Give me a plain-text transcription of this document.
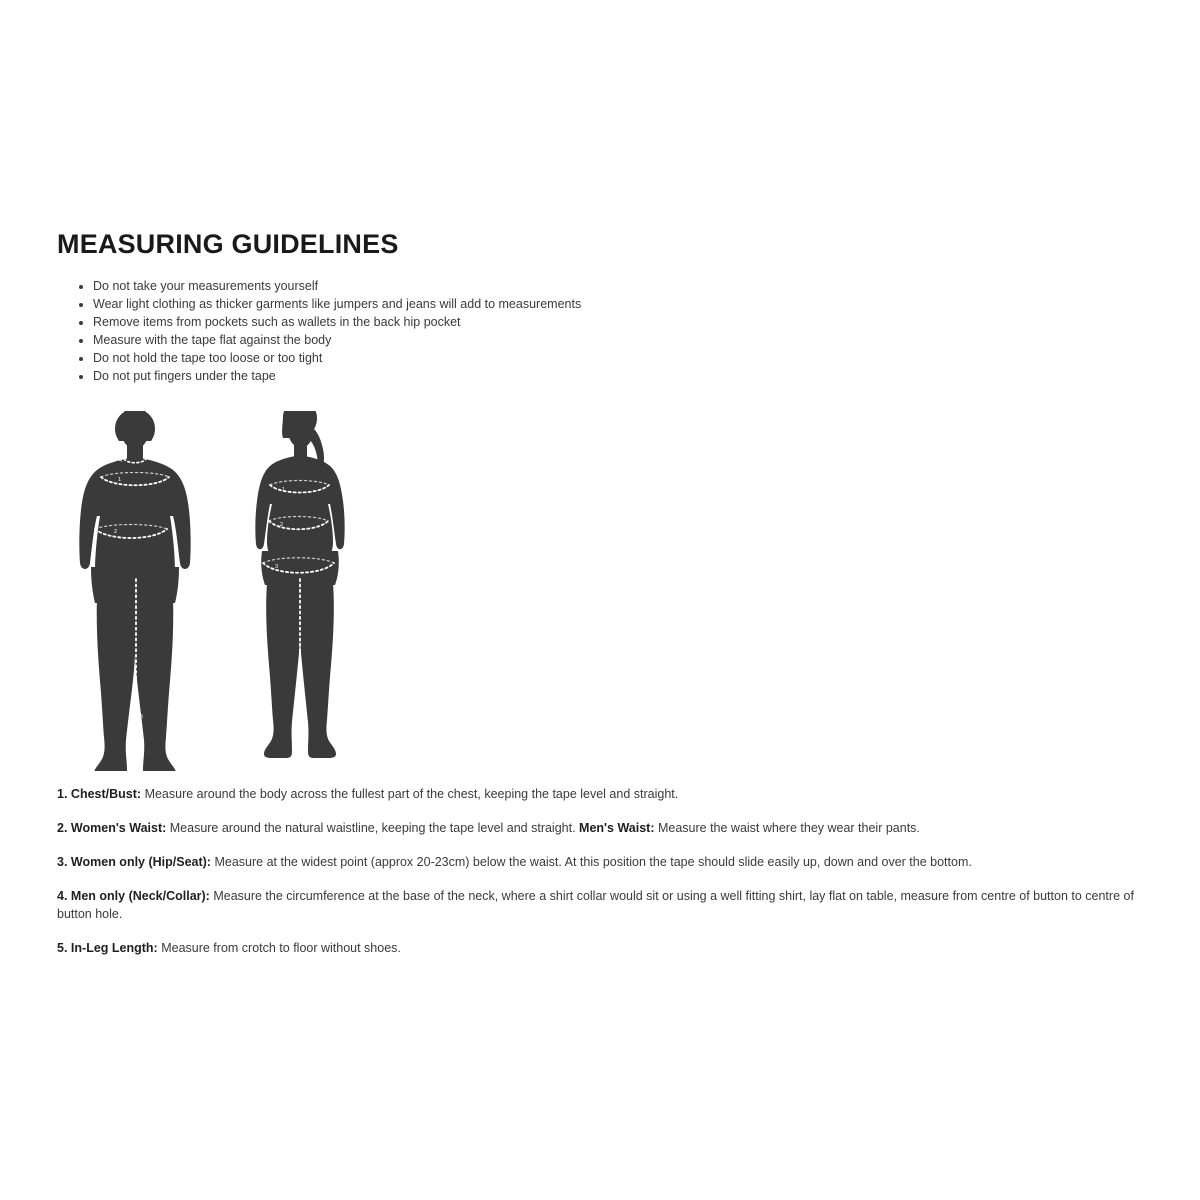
MEASURING GUIDELINES
• Do not take your measurements yourself
• Wear light clothing as thicker garments like jumpers and jeans will add to measurements
• Remove items from pockets such as wallets in the back hip pocket
• Measure with the tape flat against the body
• Do not hold the tape too loose or too tight
• Do not put fingers under the tape
4
1
2
5
1
2
3
5

1. Chest/Bust: Measure around the body across the fullest part of the chest, keeping the tape level and straight.

2. Women's Waist: Measure around the natural waistline, keeping the tape level and straight. Men's Waist: Measure the waist where they wear their pants.

3. Women only (Hip/Seat): Measure at the widest point (approx 20-23cm) below the waist. At this position the tape should slide easily up, down and over the bottom.

4. Men only (Neck/Collar): Measure the circumference at the base of the neck, where a shirt collar would sit or using a well fitting shirt, lay flat on table, measure from centre of button to centre of button hole.

5. In-Leg Length: Measure from crotch to floor without shoes.
